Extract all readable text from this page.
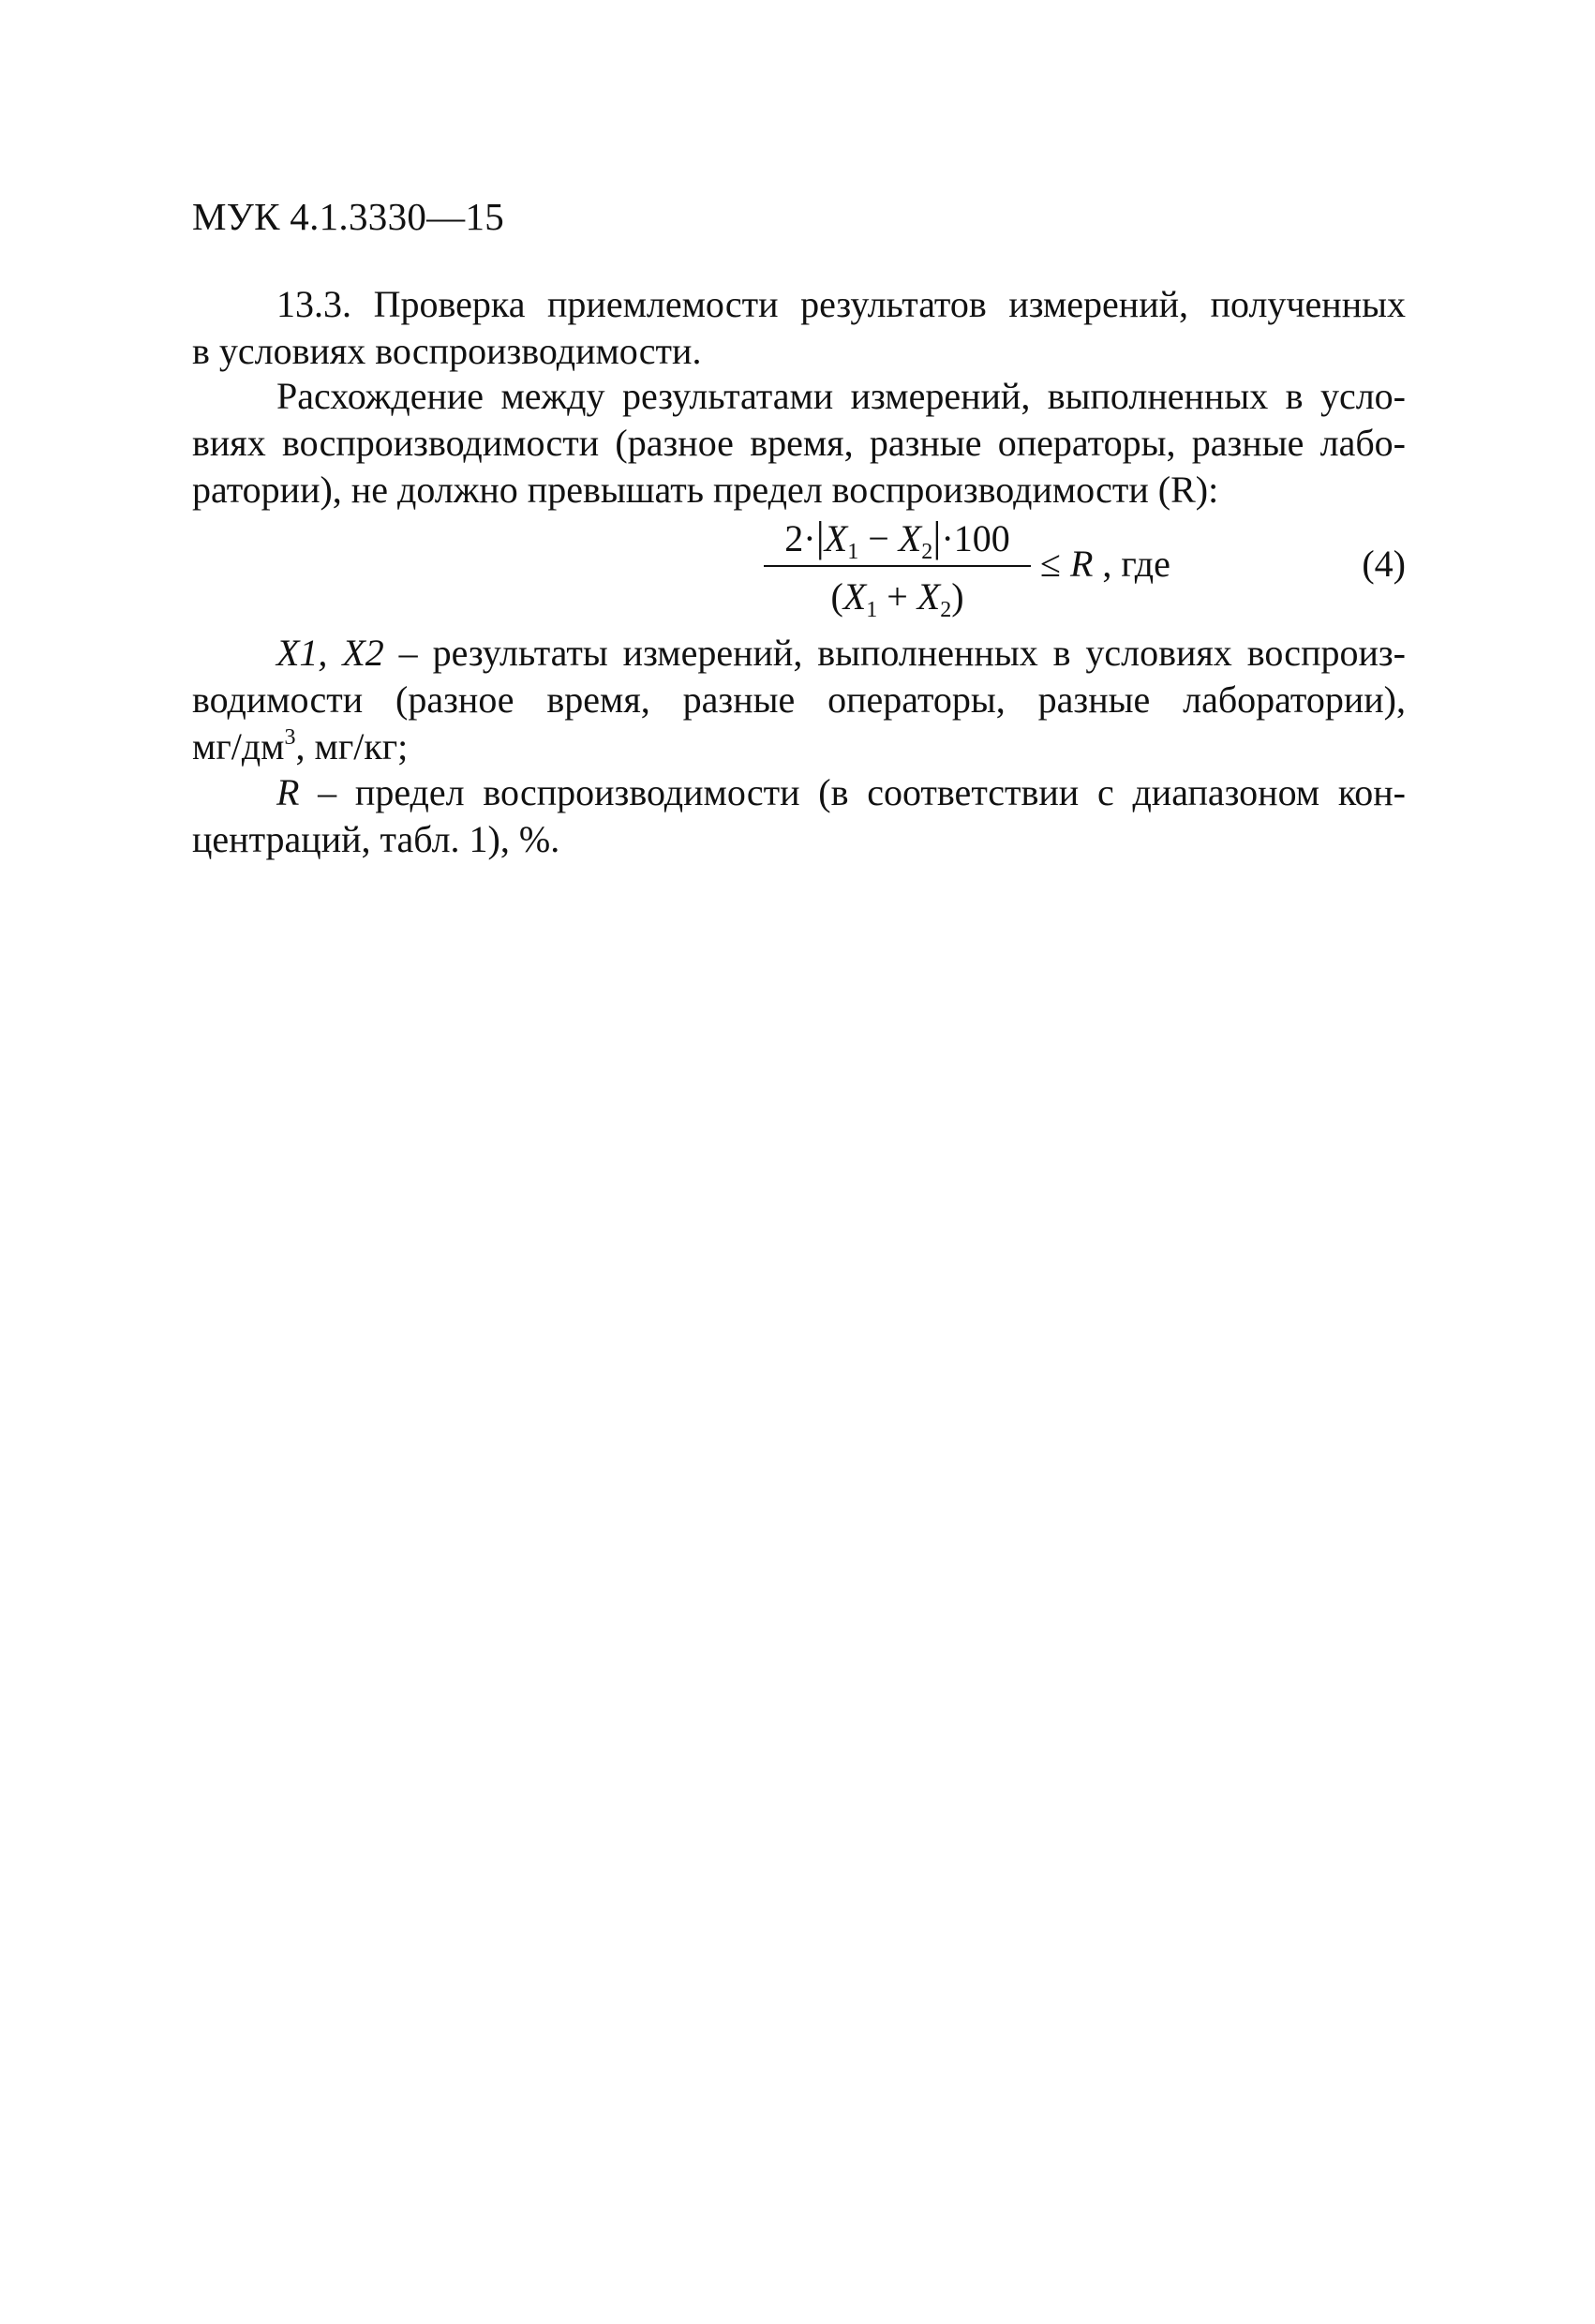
МУК 4.1.3330—15
13.3. Проверка приемлемости результатов измерений, полученных
в условиях воспроизводимости.
Расхождение между результатами измерений, выполненных в усло-
виях воспроизводимости (разное время, разные операторы, разные лабо-
ратории), не должно превышать предел воспроизводимости (R):
$2\cdot|X_1 - X_2|\cdot 100$
$(X_1 + X_2)$
≤ R , где	(4)
X1, X2 – результаты измерений, выполненных в условиях воспроиз-
водимости (разное время, разные операторы, разные лаборатории),
$мг/дм^3$, мг/кг;
R – предел воспроизводимости (в соответствии с диапазоном кон-
центраций, табл. 1), %.
